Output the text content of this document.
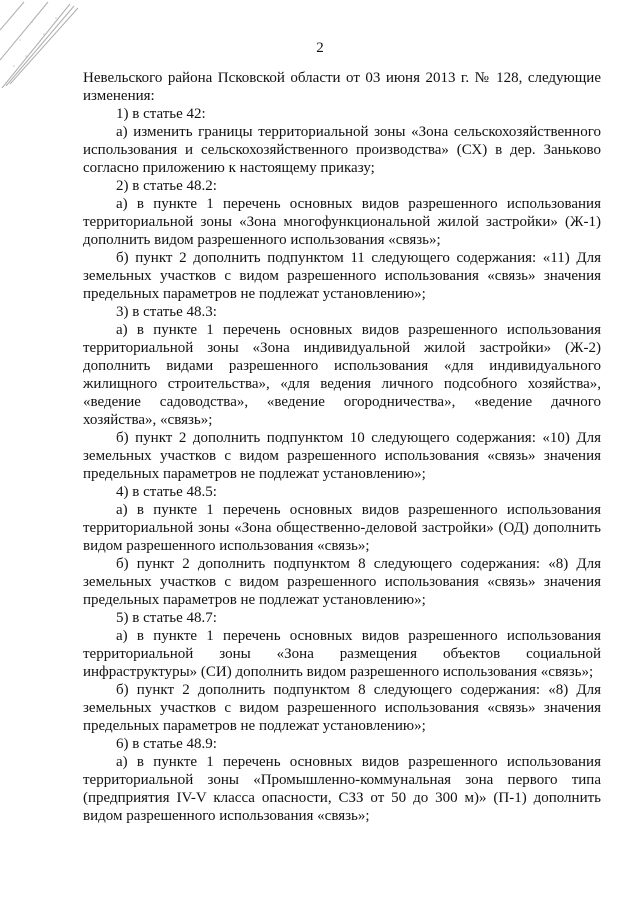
2

Невельского района Псковской области от 03 июня 2013 г. № 128, следующие изменения:

1) в статье 42:

а) изменить границы территориальной зоны «Зона сельскохозяйственного использования и сельскохозяйственного производства» (СХ) в дер. Заньково согласно приложению к настоящему приказу;

2) в статье 48.2:

а) в пункте 1 перечень основных видов разрешенного использования территориальной зоны «Зона многофункциональной жилой застройки» (Ж-1) дополнить видом разрешенного использования «связь»;

б) пункт 2 дополнить подпунктом 11 следующего содержания: «11) Для земельных участков с видом разрешенного использования «связь» значения предельных параметров не подлежат установлению»;

3) в статье 48.3:

а) в пункте 1 перечень основных видов разрешенного использования территориальной зоны «Зона индивидуальной жилой застройки» (Ж-2) дополнить видами разрешенного использования «для индивидуального жилищного строительства», «для ведения личного подсобного хозяйства», «ведение садоводства», «ведение огородничества», «ведение дачного хозяйства», «связь»;

б) пункт 2 дополнить подпунктом 10 следующего содержания: «10) Для земельных участков с видом разрешенного использования «связь» значения предельных параметров не подлежат установлению»;

4) в статье 48.5:

а) в пункте 1 перечень основных видов разрешенного использования территориальной зоны «Зона общественно-деловой застройки» (ОД) дополнить видом разрешенного использования «связь»;

б) пункт 2 дополнить подпунктом 8 следующего содержания: «8) Для земельных участков с видом разрешенного использования «связь» значения предельных параметров не подлежат установлению»;

5) в статье 48.7:

а) в пункте 1 перечень основных видов разрешенного использования территориальной зоны «Зона размещения объектов социальной инфраструктуры» (СИ) дополнить видом разрешенного использования «связь»;

б) пункт 2 дополнить подпунктом 8 следующего содержания: «8) Для земельных участков с видом разрешенного использования «связь» значения предельных параметров не подлежат установлению»;

6) в статье 48.9:

а) в пункте 1 перечень основных видов разрешенного использования территориальной зоны «Промышленно-коммунальная зона первого типа (предприятия IV-V класса опасности, СЗЗ от 50 до 300 м)» (П-1) дополнить видом разрешенного использования «связь»;
